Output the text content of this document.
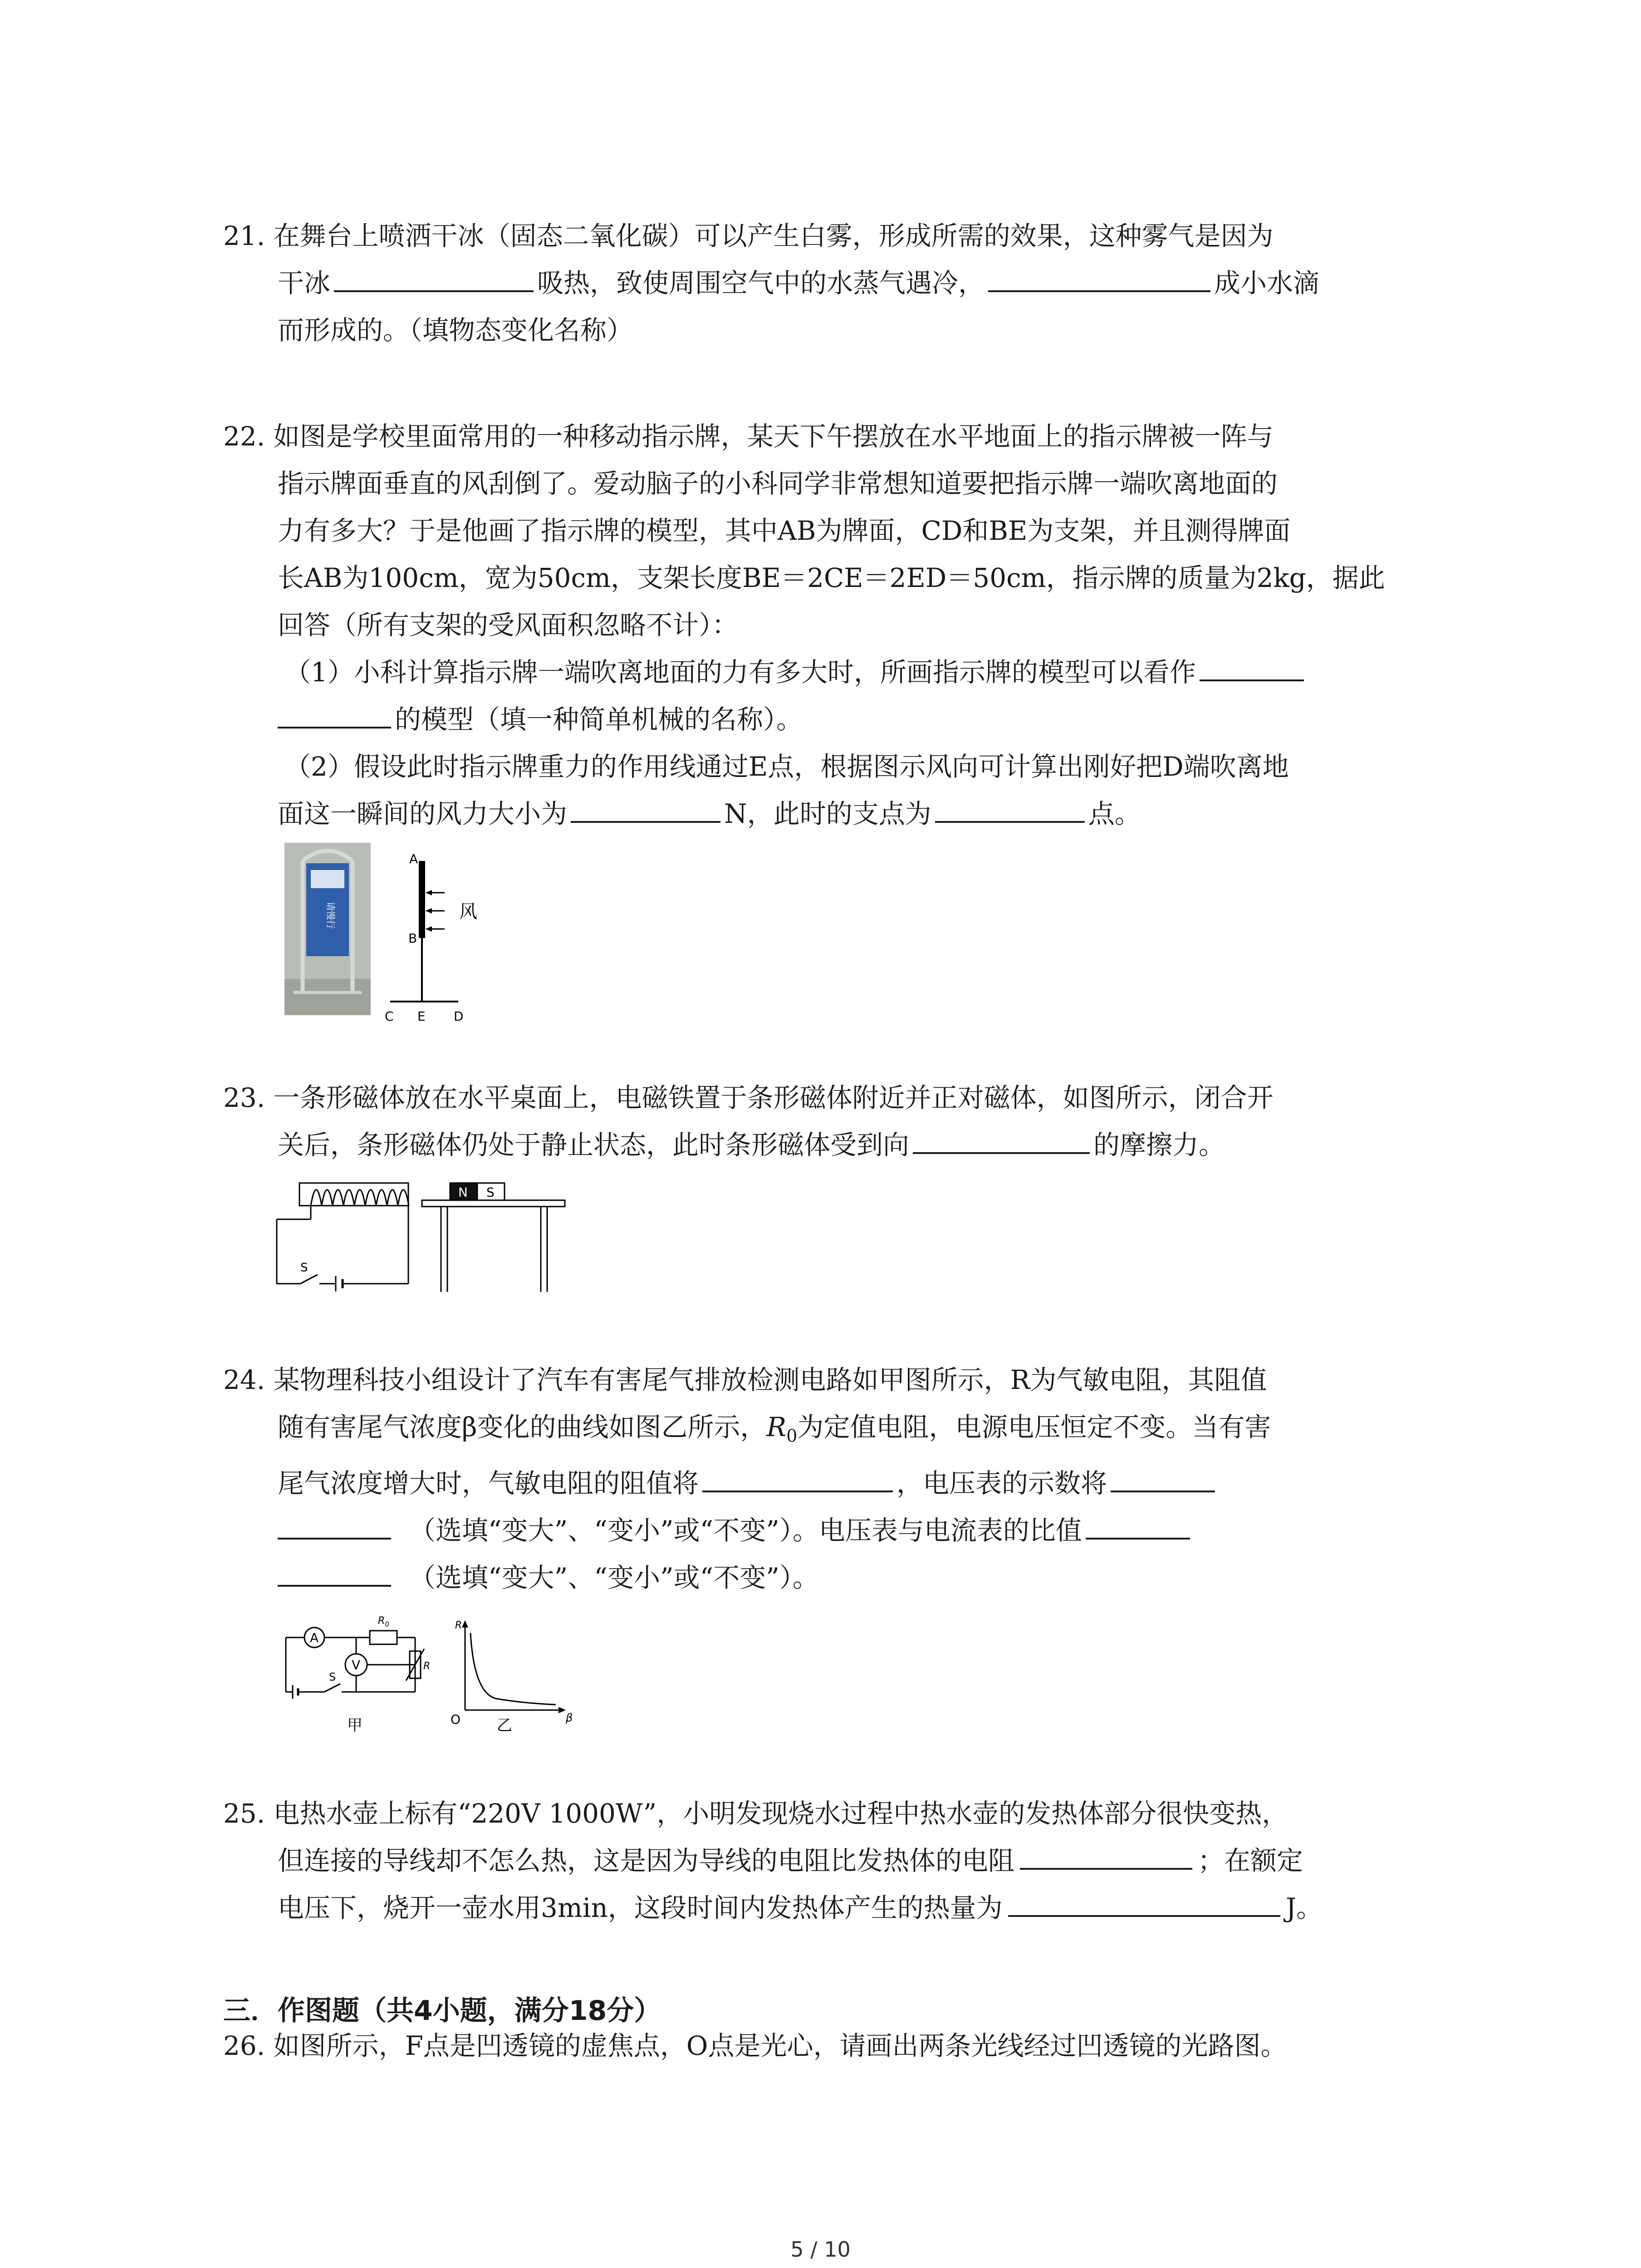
21. 在舞台上喷洒干冰（固态二氧化碳）可以产生白雾，形成所需的效果，这种雾气是因为

干冰	吸热，致使周围空气中的水蒸气遇冷，	成小水滴

而形成的。（填物态变化名称）

22. 如图是学校里面常用的一种移动指示牌，某天下午摆放在水平地面上的指示牌被一阵与

指示牌面垂直的风刮倒了。爱动脑子的小科同学非常想知道要把指示牌一端吹离地面的

力有多大？于是他画了指示牌的模型，其中AB为牌面，CD和BE为支架，并且测得牌面

长AB为100cm，宽为50cm，支架长度BE＝2CE＝2ED＝50cm，指示牌的质量为2kg，据此

回答（所有支架的受风面积忽略不计）：

（1）小科计算指示牌一端吹离地面的力有多大时，所画指示牌的模型可以看作

的模型（填一种简单机械的名称）。

（2）假设此时指示牌重力的作用线通过E点，根据图示风向可计算出刚好把D端吹离地

面这一瞬间的风力大小为	N，此时的支点为	点。

请慢行
A
B
风
C E D

23. 一条形磁体放在水平桌面上，电磁铁置于条形磁体附近并正对磁体，如图所示，闭合开

关后，条形磁体仍处于静止状态，此时条形磁体受到向	的摩擦力。

S
N S

24. 某物理科技小组设计了汽车有害尾气排放检测电路如甲图所示，R为气敏电阻，其阻值

随有害尾气浓度β变化的曲线如图乙所示，$R_0$为定值电阻，电源电压恒定不变。当有害

尾气浓度增大时，气敏电阻的阻值将	，电压表的示数将

（选填“变大”、“变小”或“不变”）。电压表与电流表的比值

（选填“变大”、“变小”或“不变”）。

A
$R_0$
R
V
S
甲
R
β
O 乙

25. 电热水壶上标有“220V 1000W”，小明发现烧水过程中热水壶的发热体部分很快变热，

但连接的导线却不怎么热，这是因为导线的电阻比发热体的电阻	；在额定

电压下，烧开一壶水用3min，这段时间内发热体产生的热量为	J。

三．作图题（共4小题，满分18分）

26. 如图所示，F点是凹透镜的虚焦点，O点是光心，请画出两条光线经过凹透镜的光路图。

5 / 10
